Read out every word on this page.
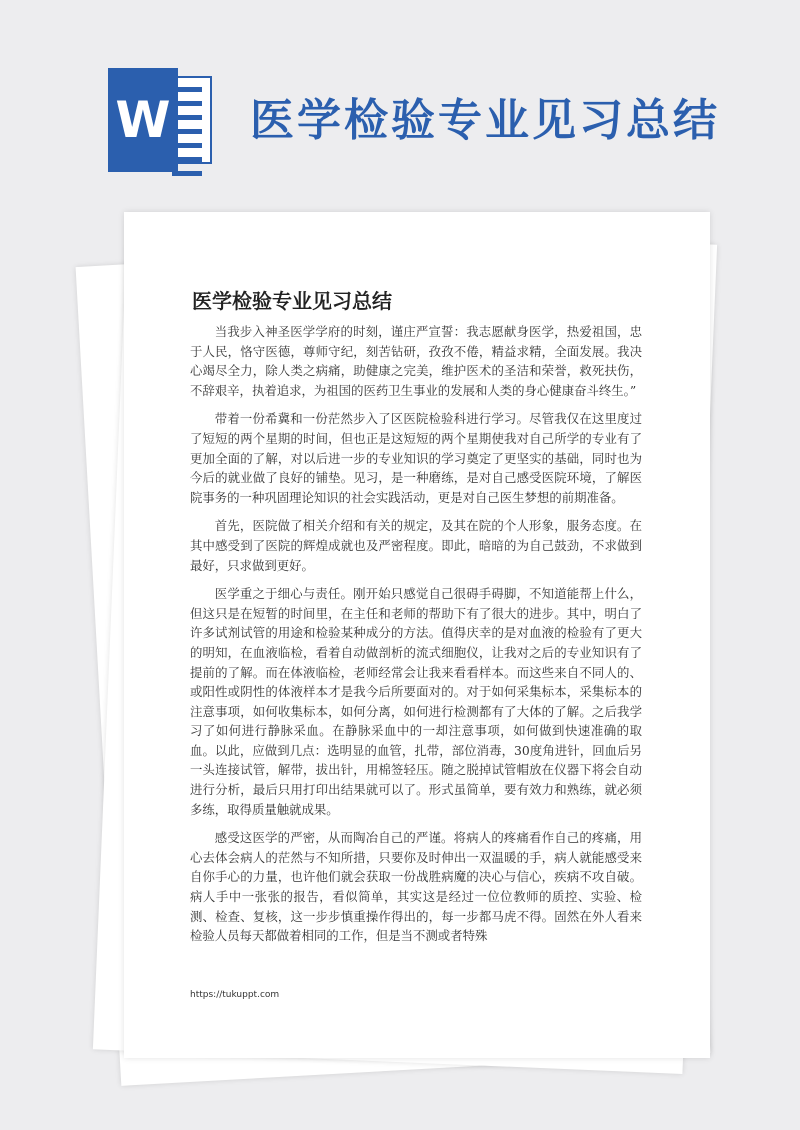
W 医学检验专业见习总结
医学检验专业见习总结

当我步入神圣医学学府的时刻，谨庄严宣誓：我志愿献身医学，热爱祖国，忠于人民，恪守医德，尊师守纪，刻苦钻研，孜孜不倦，精益求精，全面发展。我决心竭尽全力，除人类之病痛，助健康之完美，维护医术的圣洁和荣誉，救死扶伤，不辞艰辛，执着追求，为祖国的医药卫生事业的发展和人类的身心健康奋斗终生。”

带着一份希冀和一份茫然步入了区医院检验科进行学习。尽管我仅在这里度过了短短的两个星期的时间，但也正是这短短的两个星期使我对自己所学的专业有了更加全面的了解，对以后进一步的专业知识的学习奠定了更坚实的基础，同时也为今后的就业做了良好的铺垫。见习，是一种磨练，是对自己感受医院环境，了解医院事务的一种巩固理论知识的社会实践活动，更是对自己医生梦想的前期准备。

首先，医院做了相关介绍和有关的规定，及其在院的个人形象，服务态度。在其中感受到了医院的辉煌成就也及严密程度。即此，暗暗的为自己鼓劲，不求做到最好，只求做到更好。

医学重之于细心与责任。刚开始只感觉自己很碍手碍脚，不知道能帮上什么，但这只是在短暂的时间里，在主任和老师的帮助下有了很大的进步。其中，明白了许多试剂试管的用途和检验某种成分的方法。值得庆幸的是对血液的检验有了更大的明知，在血液临检，看着自动做剖析的流式细胞仪，让我对之后的专业知识有了提前的了解。而在体液临检，老师经常会让我来看看样本。而这些来自不同人的、或阳性或阴性的体液样本才是我今后所要面对的。对于如何采集标本，采集标本的注意事项，如何收集标本，如何分离，如何进行检测都有了大体的了解。之后我学习了如何进行静脉采血。在静脉采血中的一却注意事项，如何做到快速准确的取血。以此，应做到几点：选明显的血管，扎带，部位消毒，30度角进针，回血后另一头连接试管，解带，拔出针，用棉签轻压。随之脱掉试管帽放在仪器下将会自动进行分析，最后只用打印出结果就可以了。形式虽简单，要有效力和熟练，就必须多练，取得质量触就成果。

感受这医学的严密，从而陶冶自己的严谨。将病人的疼痛看作自己的疼痛，用心去体会病人的茫然与不知所措，只要你及时伸出一双温暖的手，病人就能感受来自你手心的力量，也许他们就会获取一份战胜病魔的决心与信心，疾病不攻自破。病人手中一张张的报告，看似简单，其实这是经过一位位教师的质控、实验、检测、检查、复核，这一步步慎重操作得出的，每一步都马虎不得。固然在外人看来检验人员每天都做着相同的工作，但是当不测或者特殊

https://tukuppt.com
